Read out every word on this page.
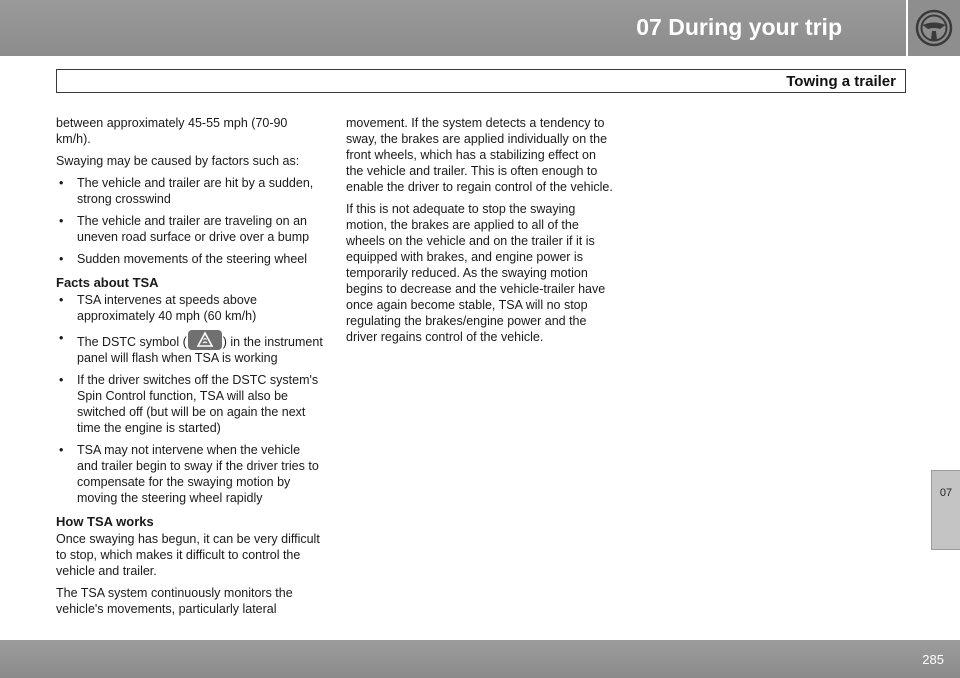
07 During your trip
Towing a trailer

between approximately 45-55 mph (70-90 km/h).

Swaying may be caused by factors such as:

• The vehicle and trailer are hit by a sudden, strong crosswind
• The vehicle and trailer are traveling on an uneven road surface or drive over a bump
• Sudden movements of the steering wheel
Facts about TSA
• TSA intervenes at speeds above approximately 40 mph (60 km/h)
• The DSTC symbol (	) in the instrument panel will flash when TSA is working
• If the driver switches off the DSTC system's Spin Control function, TSA will also be switched off (but will be on again the next time the engine is started)
• TSA may not intervene when the vehicle and trailer begin to sway if the driver tries to compensate for the swaying motion by moving the steering wheel rapidly
How TSA works

Once swaying has begun, it can be very difficult to stop, which makes it difficult to control the vehicle and trailer.

The TSA system continuously monitors the vehicle's movements, particularly lateral

movement. If the system detects a tendency to sway, the brakes are applied individually on the front wheels, which has a stabilizing effect on the vehicle and trailer. This is often enough to enable the driver to regain control of the vehicle.

If this is not adequate to stop the swaying motion, the brakes are applied to all of the wheels on the vehicle and on the trailer if it is equipped with brakes, and engine power is temporarily reduced. As the swaying motion begins to decrease and the vehicle-trailer have once again become stable, TSA will no stop regulating the brakes/engine power and the driver regains control of the vehicle.

07
285
